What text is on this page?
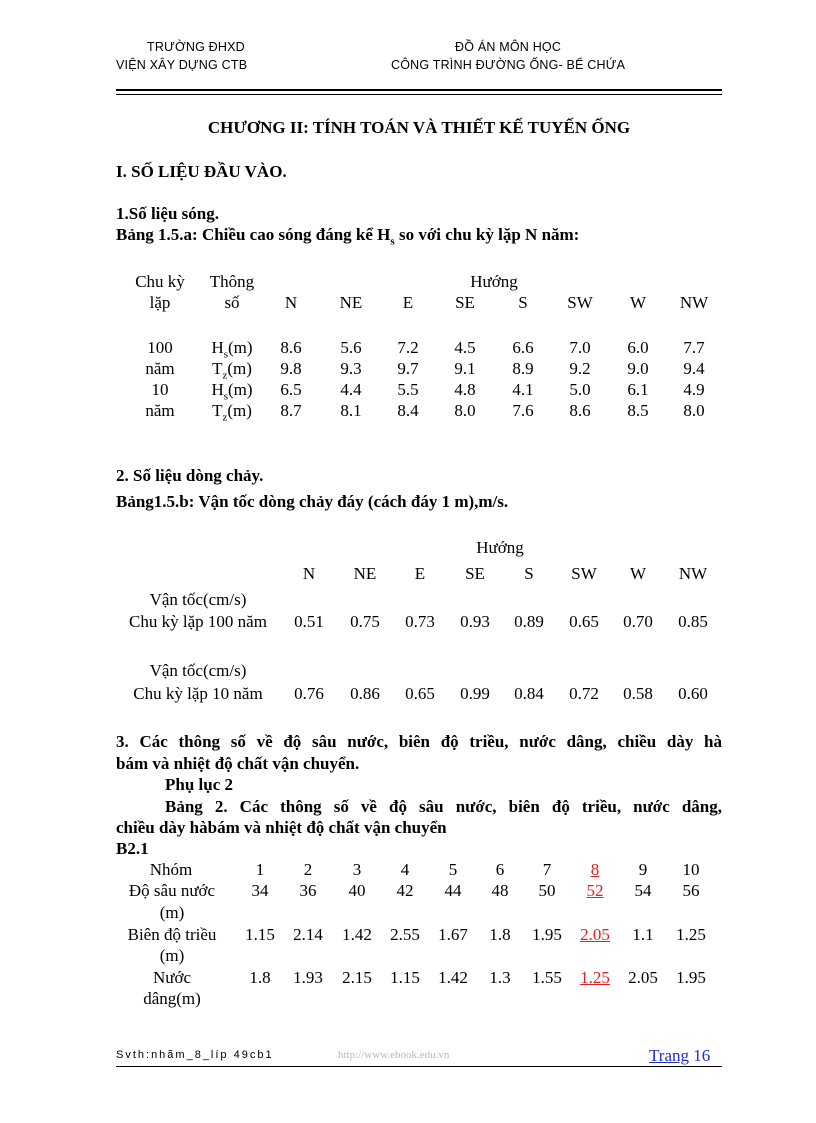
TRƯỜNG ĐHXD
VIỆN XÂY DỰNG CTB
ĐỒ ÁN MÔN HỌC
CÔNG TRÌNH ĐƯỜNG ỐNG- BỂ CHỨA
CHƯƠNG II: TÍNH TOÁN VÀ THIẾT KẾ TUYẾN ỐNG
I. SỐ LIỆU ĐẦU VÀO.
1.Số liệu sóng.
Bảng 1.5.a: Chiều cao sóng đáng kể $H_s$ so với chu kỳ lặp N năm:
Chu kỳ
lặp
Thông
số
Hướng
N	NE	E	SE	S	SW	W	NW
100	$H_s(m)$	8.6	5.6	7.2	4.5	6.6	7.0	6.0	7.7
năm	$T_z(m)$	9.8	9.3	9.7	9.1	8.9	9.2	9.0	9.4
10	$H_s(m)$	6.5	4.4	5.5	4.8	4.1	5.0	6.1	4.9
năm	$T_z(m)$	8.7	8.1	8.4	8.0	7.6	8.6	8.5	8.0
2. Số liệu dòng chảy.
Bảng1.5.b: Vận tốc dòng chảy đáy (cách đáy 1 m),m/s.
Hướng
N	NE	E	SE	S	SW	W	NW
Vận tốc(cm/s)
Chu kỳ lặp 100 năm	0.51	0.75	0.73	0.93	0.89	0.65	0.70	0.85
Vận tốc(cm/s)
Chu kỳ lặp 10 năm	0.76	0.86	0.65	0.99	0.84	0.72	0.58	0.60
3. Các thông số về độ sâu nước, biên độ triều, nước dâng, chiều dày hà
bám và nhiệt độ chất vận chuyển.
Phụ lục 2
Bảng 2. Các thông số về độ sâu nước, biên độ triều, nước dâng,
chiều dày hàbám và nhiệt độ chất vận chuyển
B2.1
Nhóm	1	2	3	4	5	6	7	8	9	10
Độ sâu nước
(m)
34	36	40	42	44	48	50	52	54	56
Biên độ triều
(m)
1.15	2.14	1.42	2.55	1.67	1.8	1.95	2.05	1.1	1.25
Nước
dâng(m)
1.8	1.93	2.15	1.15	1.42	1.3	1.55	1.25	2.05	1.95
Svth:nhãm_8_líp 49cb1	http://www.ebook.edu.vn	Trang 16
